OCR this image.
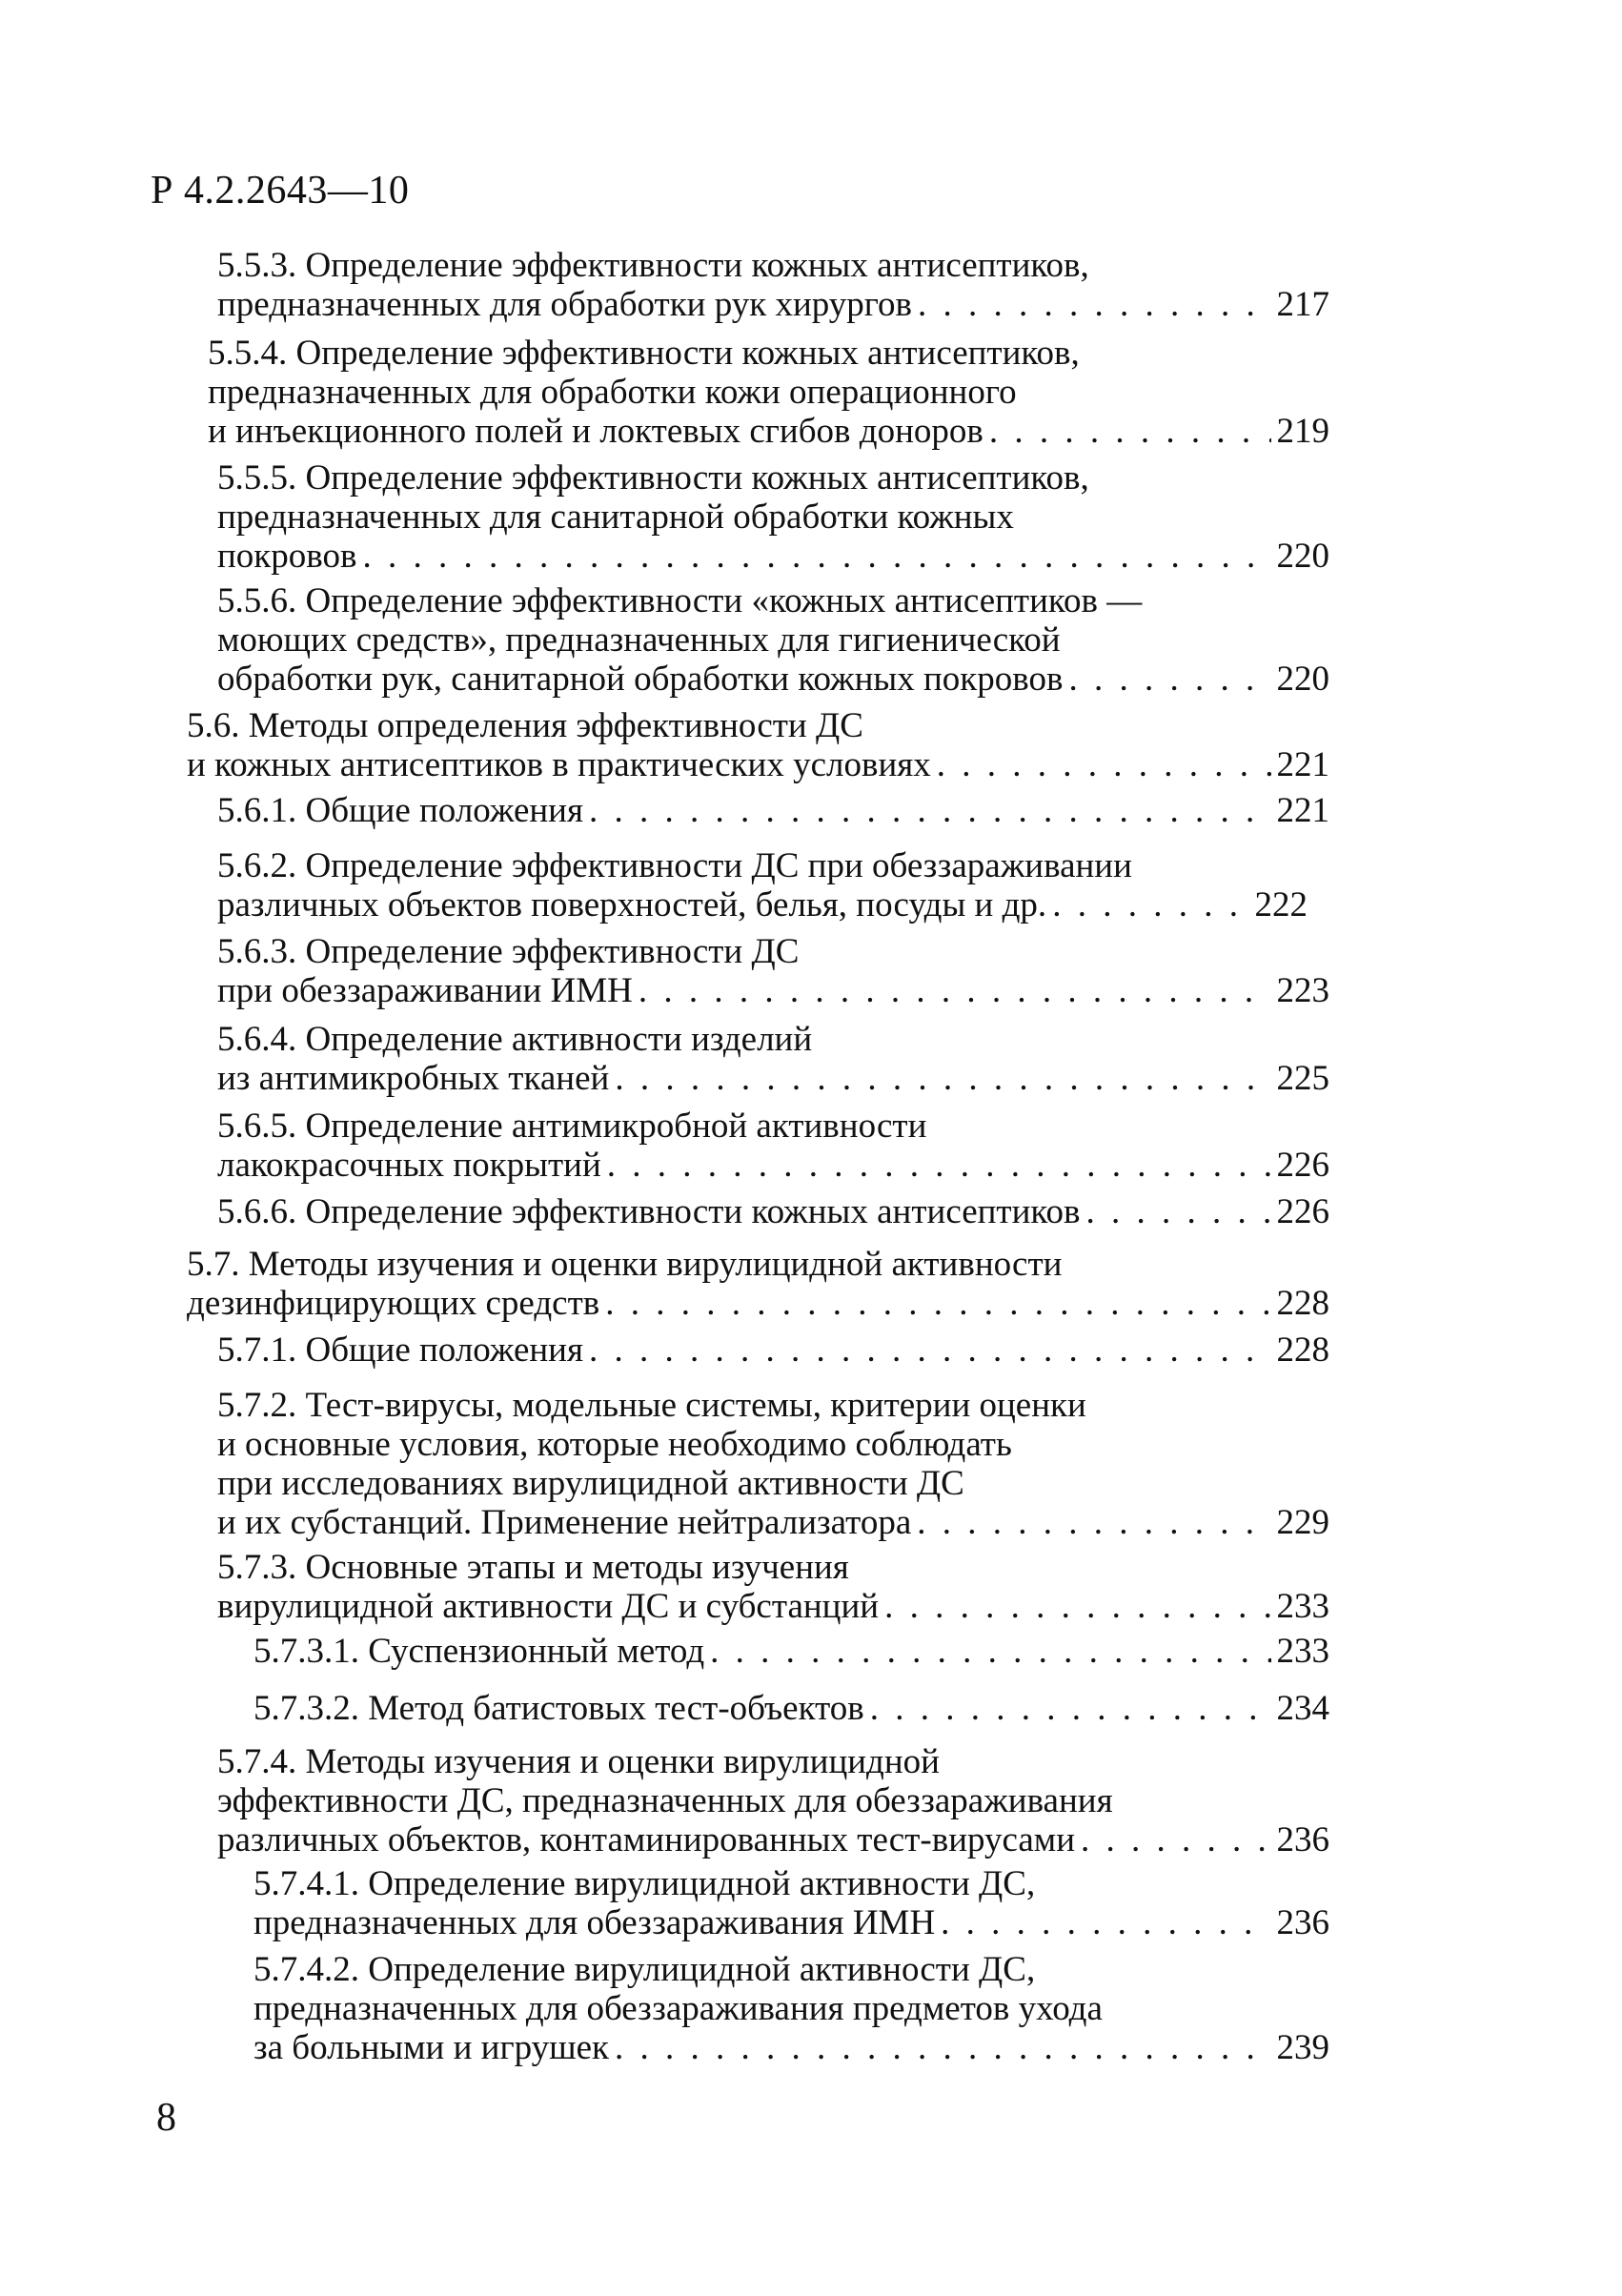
Р 4.2.2643—10
5.5.3. Определение эффективности кожных антисептиков,
предназначенных для обработки рук хирургов . . .	217
5.5.4. Определение эффективности кожных антисептиков,
предназначенных для обработки кожи операционного
и инъекционного полей и локтевых сгибов доноров . . .	219
5.5.5. Определение эффективности кожных антисептиков,
предназначенных для санитарной обработки кожных
покровов . . .	220
5.5.6. Определение эффективности «кожных антисептиков —
моющих средств», предназначенных для гигиенической
обработки рук, санитарной обработки кожных покровов . . .	220
5.6. Методы определения эффективности ДС
и кожных антисептиков в практических условиях . . .	221
5.6.1. Общие положения . . .	221
5.6.2. Определение эффективности ДС при обеззараживании
различных объектов поверхностей, белья, посуды и др. . . .	222
5.6.3. Определение эффективности ДС
при обеззараживании ИМН . . .	223
5.6.4. Определение активности изделий
из антимикробных тканей . . .	225
5.6.5. Определение антимикробной активности
лакокрасочных покрытий . . .	226
5.6.6. Определение эффективности кожных антисептиков . . .	226
5.7. Методы изучения и оценки вирулицидной активности
дезинфицирующих средств . . .	228
5.7.1. Общие положения . . .	228
5.7.2. Тест-вирусы, модельные системы, критерии оценки
и основные условия, которые необходимо соблюдать
при исследованиях вирулицидной активности ДС
и их субстанций. Применение нейтрализатора . . .	229
5.7.3. Основные этапы и методы изучения
вирулицидной активности ДС и субстанций . . .	233
5.7.3.1. Суспензионный метод . . .	233
5.7.3.2. Метод батистовых тест-объектов . . .	234
5.7.4. Методы изучения и оценки вирулицидной
эффективности ДС, предназначенных для обеззараживания
различных объектов, контаминированных тест-вирусами . . .	236
5.7.4.1. Определение вирулицидной активности ДС,
предназначенных для обеззараживания ИМН . . .	236
5.7.4.2. Определение вирулицидной активности ДС,
предназначенных для обеззараживания предметов ухода
за больными и игрушек . . .	239
8
